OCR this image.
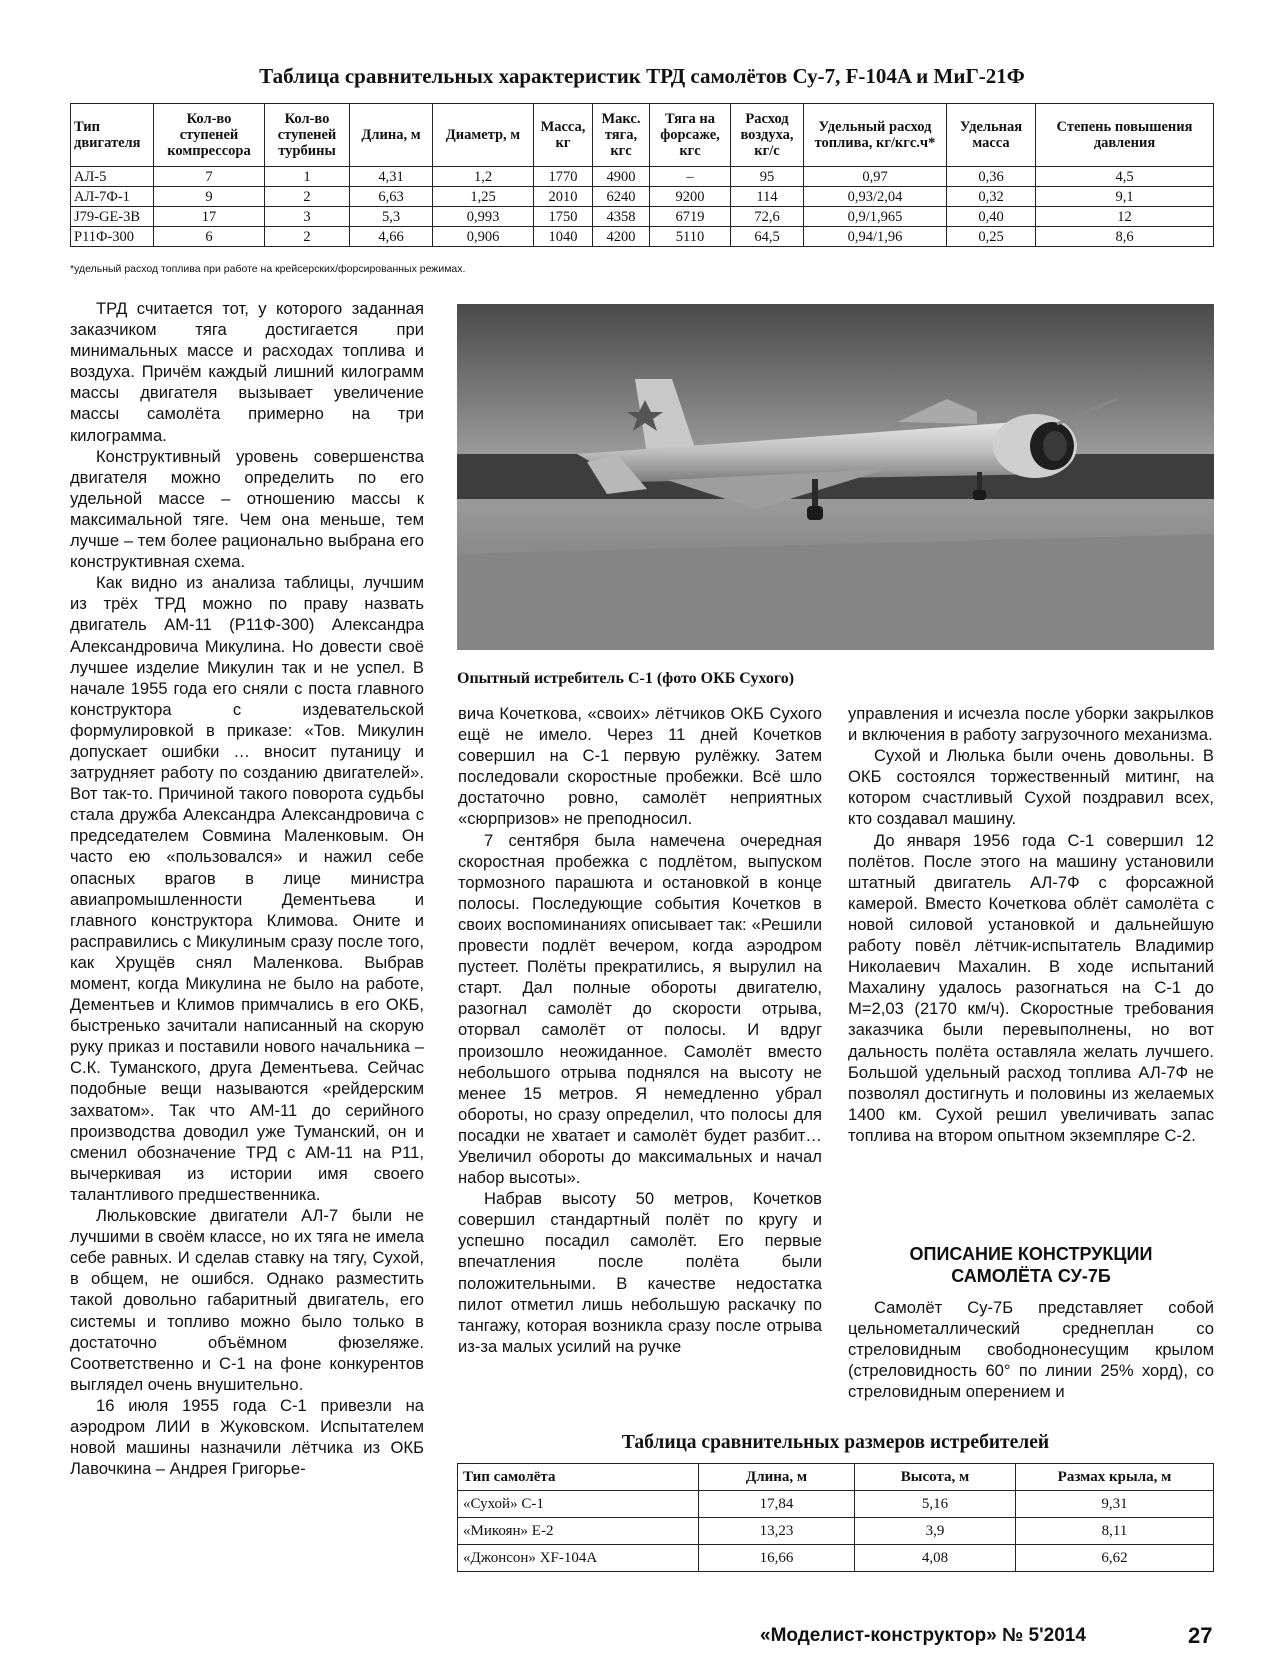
Таблица сравнительных характеристик ТРД самолётов Су-7, F-104A и МиГ-21Ф
Тип двигателя	Кол-во ступеней компрессора	Кол-во ступеней турбины	Длина, м	Диаметр, м	Масса, кг	Макс. тяга, кгс	Тяга на форсаже, кгс	Расход воздуха, кг/с	Удельный расход топлива, кг/кгс.ч*	Удельная масса	Степень повышения давления
АЛ-5	7	1	4,31	1,2	1770	4900	–	95	0,97	0,36	4,5
АЛ-7Ф-1	9	2	6,63	1,25	2010	6240	9200	114	0,93/2,04	0,32	9,1
J79-GE-3B	17	3	5,3	0,993	1750	4358	6719	72,6	0,9/1,965	0,40	12
Р11Ф-300	6	2	4,66	0,906	1040	4200	5110	64,5	0,94/1,96	0,25	8,6
*удельный расход топлива при работе на крейсерских/форсированных режимах.

ТРД считается тот, у которого заданная заказчиком тяга достигается при минимальных массе и расходах топлива и воздуха. Причём каждый лишний килограмм массы двигателя вызывает увеличение массы самолёта примерно на три килограмма.

Конструктивный уровень совершенства двигателя можно определить по его удельной массе – отношению массы к максимальной тяге. Чем она меньше, тем лучше – тем более рационально выбрана его конструктивная схема.

Как видно из анализа таблицы, лучшим из трёх ТРД можно по праву назвать двигатель АМ-11 (Р11Ф-300) Александра Александровича Микулина. Но довести своё лучшее изделие Микулин так и не успел. В начале 1955 года его сняли с поста главного конструктора с издевательской формулировкой в приказе: «Тов. Микулин допускает ошибки … вносит путаницу и затрудняет работу по созданию двигателей». Вот так-то. Причиной такого поворота судьбы стала дружба Александра Александровича с председателем Совмина Маленковым. Он часто ею «пользовался» и нажил себе опасных врагов в лице министра авиапромышленности Дементьева и главного конструктора Климова. Оните и расправились с Микулиным сразу после того, как Хрущёв снял Маленкова. Выбрав момент, когда Микулина не было на работе, Дементьев и Климов примчались в его ОКБ, быстренько зачитали написанный на скорую руку приказ и поставили нового начальника – С.К. Туманского, друга Дементьева. Сейчас подобные вещи называются «рейдерским захватом». Так что АМ-11 до серийного производства доводил уже Туманский, он и сменил обозначение ТРД с АМ-11 на Р11, вычеркивая из истории имя своего талантливого предшественника.

Люльковские двигатели АЛ-7 были не лучшими в своём классе, но их тяга не имела себе равных. И сделав ставку на тягу, Сухой, в общем, не ошибся. Однако разместить такой довольно габаритный двигатель, его системы и топливо можно было только в достаточно объёмном фюзеляже. Соответственно и С-1 на фоне конкурентов выглядел очень внушительно.

16 июля 1955 года С-1 привезли на аэродром ЛИИ в Жуковском. Испытателем новой машины назначили лётчика из ОКБ Лавочкина – Андрея Григорье-

Опытный истребитель С-1 (фото ОКБ Сухого)

вича Кочеткова, «своих» лётчиков ОКБ Сухого ещё не имело. Через 11 дней Кочетков совершил на С-1 первую рулёжку. Затем последовали скоростные пробежки. Всё шло достаточно ровно, самолёт неприятных «сюрпризов» не преподносил.

7 сентября была намечена очередная скоростная пробежка с подлётом, выпуском тормозного парашюта и остановкой в конце полосы. Последующие события Кочетков в своих воспоминаниях описывает так: «Решили провести подлёт вечером, когда аэродром пустеет. Полёты прекратились, я вырулил на старт. Дал полные обороты двигателю, разогнал самолёт до скорости отрыва, оторвал самолёт от полосы. И вдруг произошло неожиданное. Самолёт вместо небольшого отрыва поднялся на высоту не менее 15 метров. Я немедленно убрал обороты, но сразу определил, что полосы для посадки не хватает и самолёт будет разбит…Увеличил обороты до максимальных и начал набор высоты».

Набрав высоту 50 метров, Кочетков совершил стандартный полёт по кругу и успешно посадил самолёт. Его первые впечатления после полёта были положительными. В качестве недостатка пилот отметил лишь небольшую раскачку по тангажу, которая возникла сразу после отрыва из-за малых усилий на ручке

управления и исчезла после уборки закрылков и включения в работу загрузочного механизма.

Сухой и Люлька были очень довольны. В ОКБ состоялся торжественный митинг, на котором счастливый Сухой поздравил всех, кто создавал машину.

До января 1956 года С-1 совершил 12 полётов. После этого на машину установили штатный двигатель АЛ-7Ф с форсажной камерой. Вместо Кочеткова облёт самолёта с новой силовой установкой и дальнейшую работу повёл лётчик-испытатель Владимир Николаевич Махалин. В ходе испытаний Махалину удалось разогнаться на С-1 до М=2,03 (2170 км/ч). Скоростные требования заказчика были перевыполнены, но вот дальность полёта оставляла желать лучшего. Большой удельный расход топлива АЛ-7Ф не позволял достигнуть и половины из желаемых 1400 км. Сухой решил увеличивать запас топлива на втором опытном экземпляре С-2.

ОПИСАНИЕ КОНСТРУКЦИИ
САМОЛЁТА СУ-7Б

Самолёт Су-7Б представляет собой цельнометаллический среднеплан со стреловидным свободнонесущим крылом (стреловидность 60° по линии 25% хорд), со стреловидным оперением и

Таблица сравнительных размеров истребителей
Тип самолёта	Длина, м	Высота, м	Размах крыла, м
«Сухой» С-1	17,84	5,16	9,31
«Микоян» Е-2	13,23	3,9	8,11
«Джонсон» XF-104A	16,66	4,08	6,62
«Моделист-конструктор» № 5'2014	27
